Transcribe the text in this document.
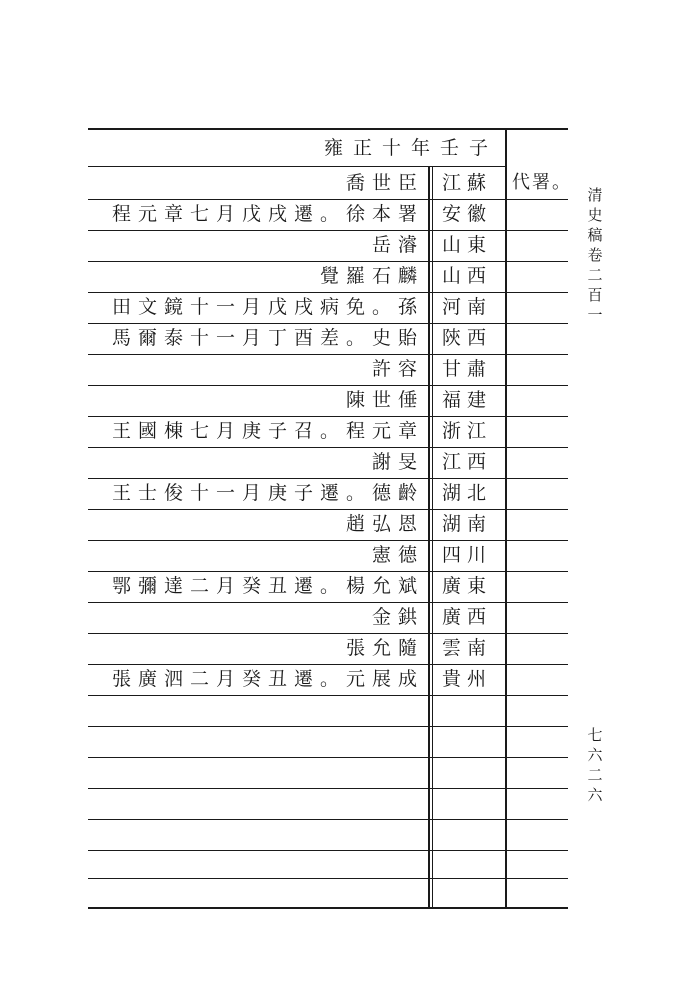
雍正十年壬子
代署。
喬世臣 江蘇
程元章七月戊戌遷。徐本署 安徽
岳濬 山東
覺羅石麟 山西
田文鏡十一月戊戌病免。孫 河南
馬爾泰十一月丁酉差。史貽 陝西
許容 甘肅
陳世倕 福建
王國棟七月庚子召。程元章 浙江
謝旻 江西
王士俊十一月庚子遷。德齡 湖北
趙弘恩 湖南
憲德 四川
鄂彌達二月癸丑遷。楊允斌 廣東
金鉷 廣西
張允隨 雲南
張廣泗二月癸丑遷。元展成 貴州
清
史
稿
卷
二
百
一
七
六
二
六
